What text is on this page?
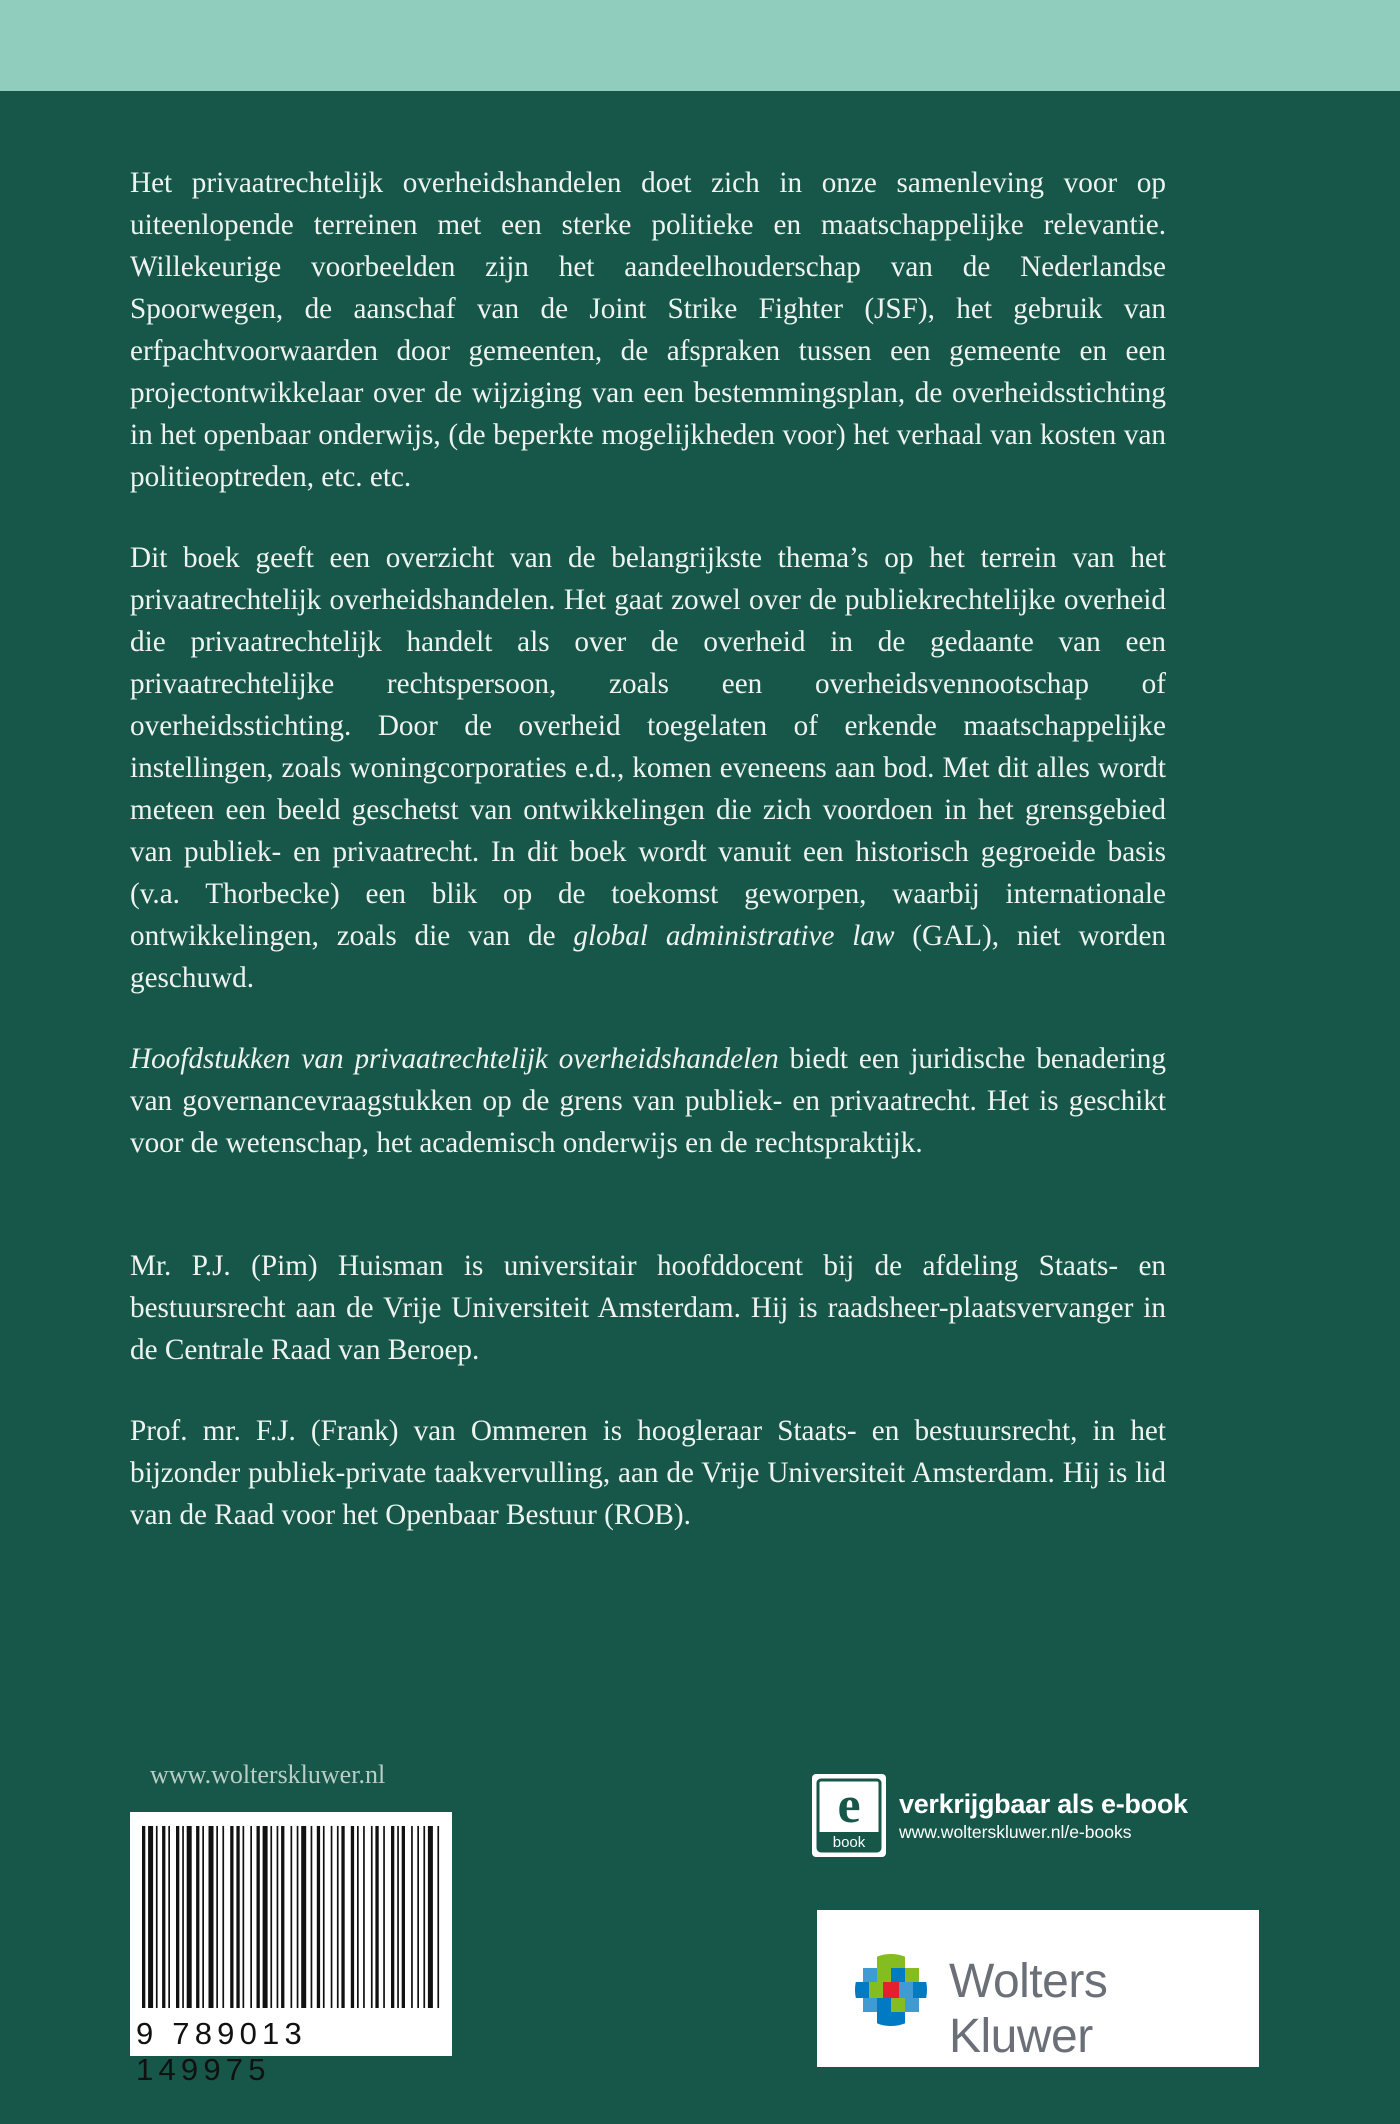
Het privaatrechtelijk overheidshandelen doet zich in onze samenleving voor op uiteenlopende terreinen met een sterke politieke en maatschappelijke relevantie. Willekeurige voorbeelden zijn het aandeelhouderschap van de Nederlandse Spoorwegen, de aanschaf van de Joint Strike Fighter (JSF), het gebruik van erfpachtvoorwaarden door gemeenten, de afspraken tussen een gemeente en een projectontwikkelaar over de wijziging van een bestemmingsplan, de overheidsstichting in het openbaar onderwijs, (de beperkte mogelijkheden voor) het verhaal van kosten van politieoptreden, etc. etc.

Dit boek geeft een overzicht van de belangrijkste thema’s op het terrein van het privaatrechtelijk overheidshandelen. Het gaat zowel over de publiekrechtelijke overheid die privaatrechtelijk handelt als over de overheid in de gedaante van een privaatrechtelijke rechtspersoon, zoals een overheidsvennootschap of overheidsstichting. Door de overheid toegelaten of erkende maatschappelijke instellingen, zoals woningcorporaties e.d., komen eveneens aan bod. Met dit alles wordt meteen een beeld geschetst van ontwikkelingen die zich voordoen in het grensgebied van publiek- en privaatrecht. In dit boek wordt vanuit een historisch gegroeide basis (v.a. Thorbecke) een blik op de toekomst geworpen, waarbij internationale ontwikkelingen, zoals die van de global administrative law (GAL), niet worden geschuwd.

Hoofdstukken van privaatrechtelijk overheidshandelen biedt een juridische benadering van governancevraagstukken op de grens van publiek- en privaatrecht. Het is geschikt voor de wetenschap, het academisch onderwijs en de rechtspraktijk.

Mr. P.J. (Pim) Huisman is universitair hoofddocent bij de afdeling Staats- en bestuursrecht aan de Vrije Universiteit Amsterdam. Hij is raadsheer-plaatsvervanger in de Centrale Raad van Beroep.

Prof. mr. F.J. (Frank) van Ommeren is hoogleraar Staats- en bestuursrecht, in het bijzonder publiek-private taakvervulling, aan de Vrije Universiteit Amsterdam. Hij is lid van de Raad voor het Openbaar Bestuur (ROB).

www.wolterskluwer.nl
9 789013 149975
e
book
verkrijgbaar als e-book
www.wolterskluwer.nl/e-books
Wolters Kluwer
